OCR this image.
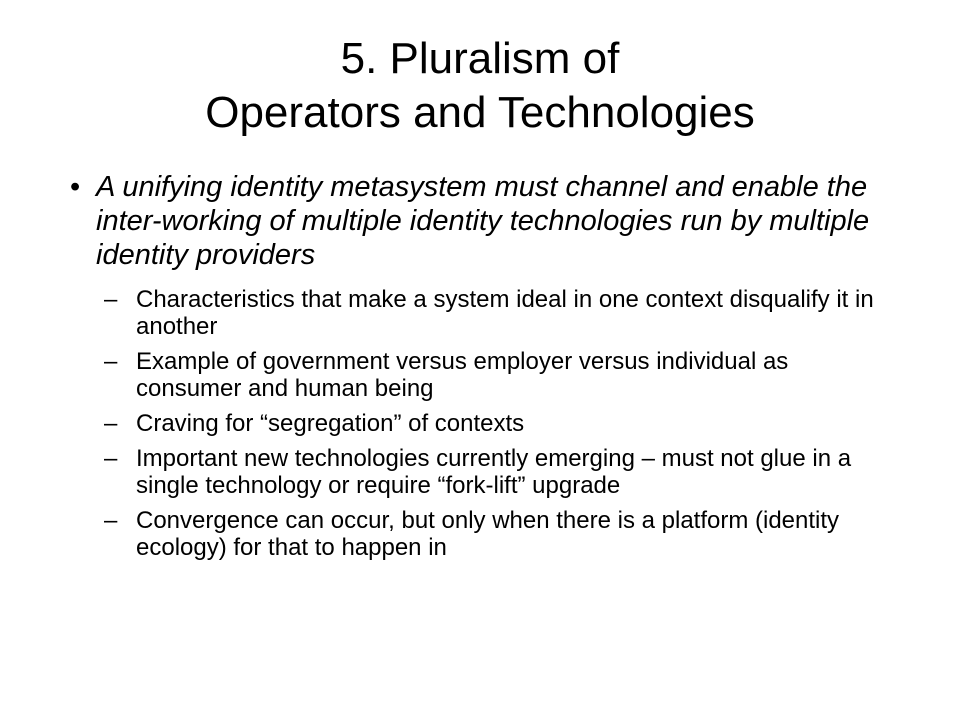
5. Pluralism of
Operators and Technologies
• A unifying identity metasystem must channel and enable the inter-working of multiple identity technologies run by multiple identity providers
– Characteristics that make a system ideal in one context disqualify it in another
– Example of government versus employer versus individual as consumer and human being
– Craving for “segregation” of contexts
– Important new technologies currently emerging – must not glue in a single technology or require “fork-lift” upgrade
– Convergence can occur, but only when there is a platform (identity ecology) for that to happen in
